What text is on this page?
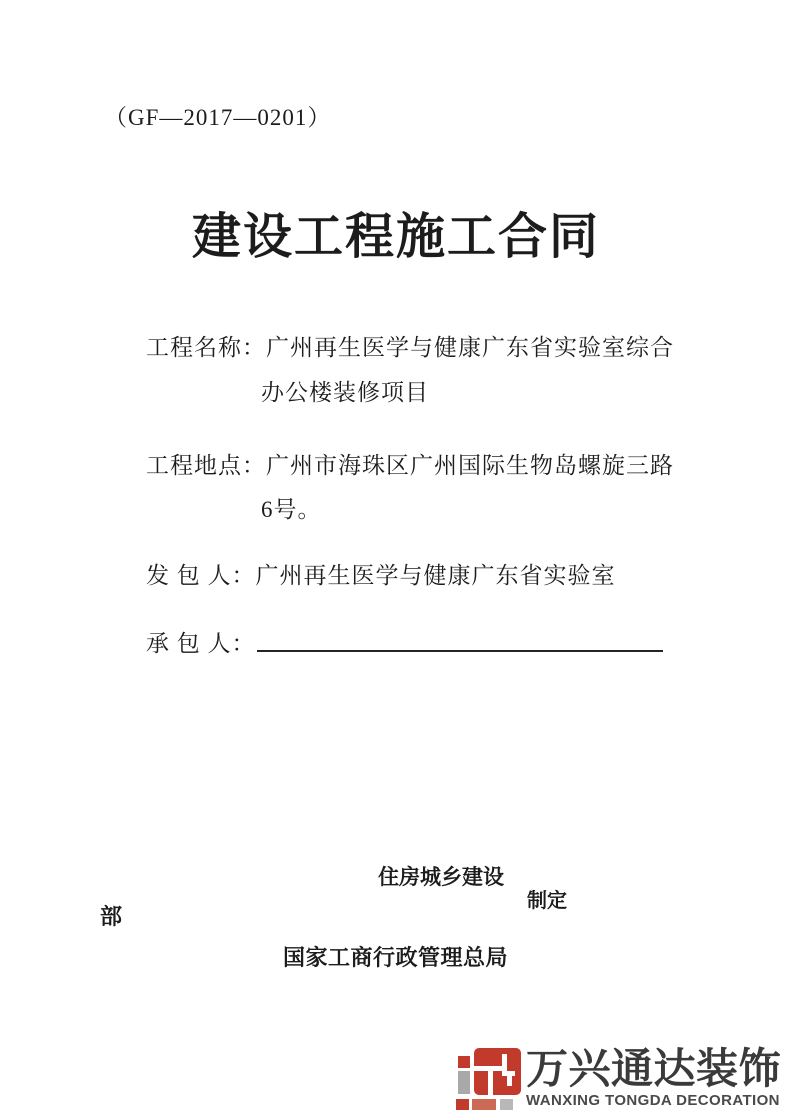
（GF—2017—0201）
建设工程施工合同
工程名称：广州再生医学与健康广东省实验室综合
办公楼装修项目
工程地点：广州市海珠区广州国际生物岛螺旋三路
6号。
发 包 人：广州再生医学与健康广东省实验室
承 包 人：
住房城乡建设
制定
部
国家工商行政管理总局
万兴通达装饰
WANXING TONGDA DECORATION
